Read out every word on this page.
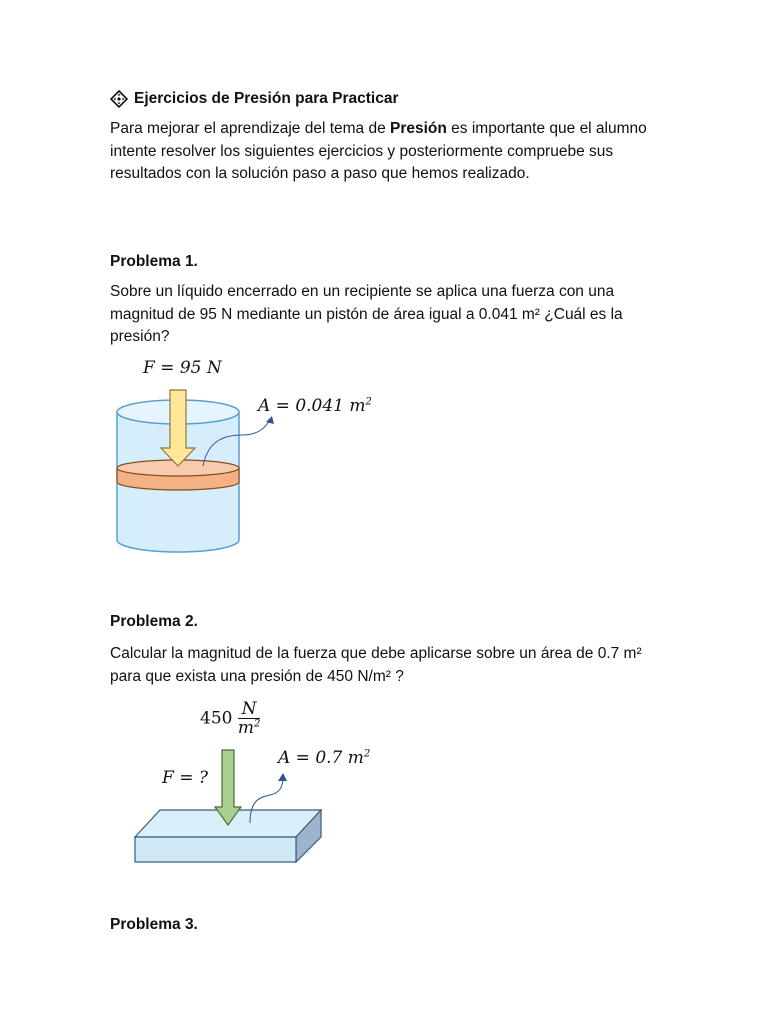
Ejercicios de Presión para Practicar
Para mejorar el aprendizaje del tema de Presión es importante que el alumno intente resolver los siguientes ejercicios y posteriormente compruebe sus resultados con la solución paso a paso que hemos realizado.
Problema 1.
Sobre un líquido encerrado en un recipiente se aplica una fuerza con una magnitud de 95 N mediante un pistón de área igual a 0.041 m² ¿Cuál es la presión?
F = 95 N
A = 0.041 $m^2$
Problema 2.
Calcular la magnitud de la fuerza que debe aplicarse sobre un área de 0.7 m² para que exista una presión de 450 N/m² ?
$450 \frac{N}{m^2}$
F = ?
A = 0.7 $m^2$
Problema 3.
